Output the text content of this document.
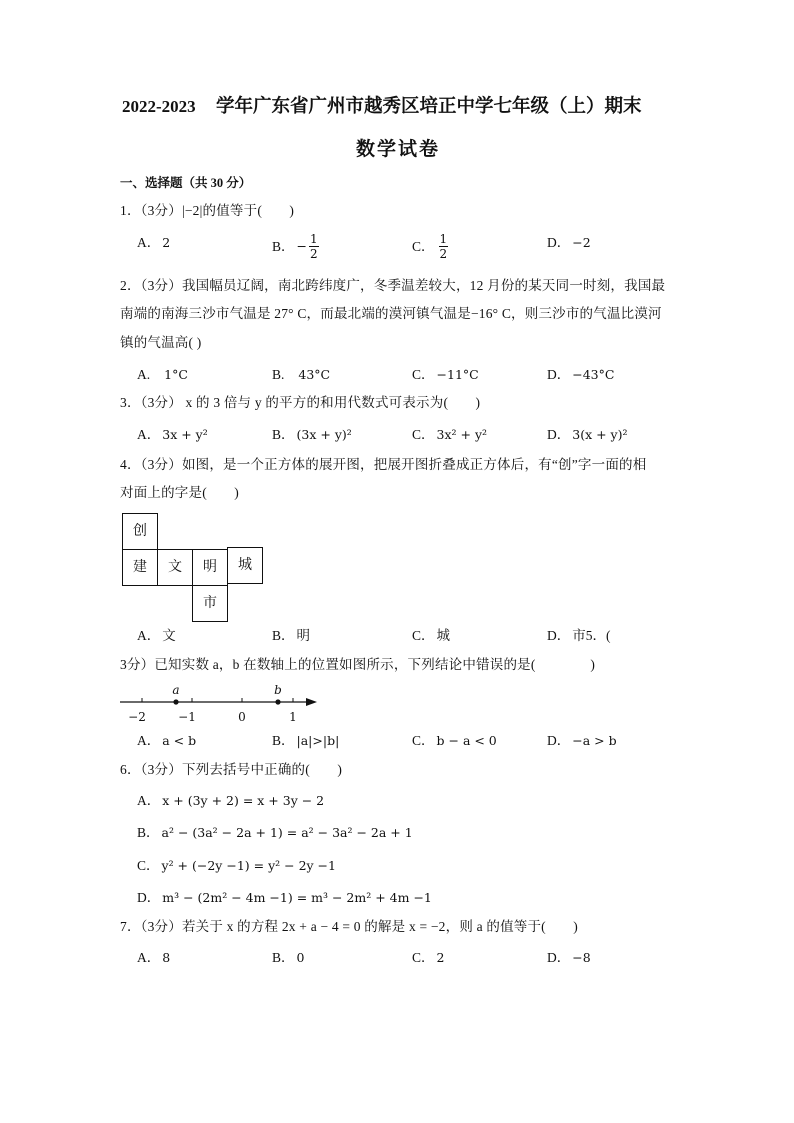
2022-2023 学年广东省广州市越秀区培正中学七年级（上）期末
数学试卷
一、选择题（共 30 分）
1．（3分）|−2|的值等于(　　)
A． 2	B． − $\frac{1}{2}$	C． $\frac{1}{2}$	D． −2
2．（3分）我国幅员辽阔，南北跨纬度广，冬季温差较大，12 月份的某天同一时刻，我国最
南端的南海三沙市气温是 27° C，而最北端的漠河镇气温是−16° C，则三沙市的气温比漠河
镇的气温高( )
A. 1°C	B. 43°C	C． −11°C	D． −43°C
3．（3分） x 的 3 倍与 y 的平方的和用代数式可表示为(　　)
A． 3x + y²	B． (3x + y)²	C． 3x² + y²	D． 3(x + y)²
4．（3分）如图，是一个正方体的展开图，把展开图折叠成正方体后，有“创”字一面的相
对面上的字是(　　)
创
建	文	明	城
市
A． 文	B． 明	C． 城	D． 市5．(
3分）已知实数 a，b 在数轴上的位置如图所示，下列结论中错误的是(　　　　)
−2	−1	0	1
a	b
A． a < b	B． |a|>|b|	C． b − a < 0	D． −a > b
6．（3分）下列去括号中正确的(　　)
A． x + (3y + 2) = x + 3y − 2
B． a² − (3a² − 2a + 1) = a² − 3a² − 2a + 1
C． y² + (−2y −1) = y² − 2y −1
D． m³ − (2m² − 4m −1) = m³ − 2m² + 4m −1
7．（3分）若关于 x 的方程 2x + a − 4 = 0 的解是 x = −2，则 a 的值等于(　　)
A． 8	B． 0	C． 2	D． −8
